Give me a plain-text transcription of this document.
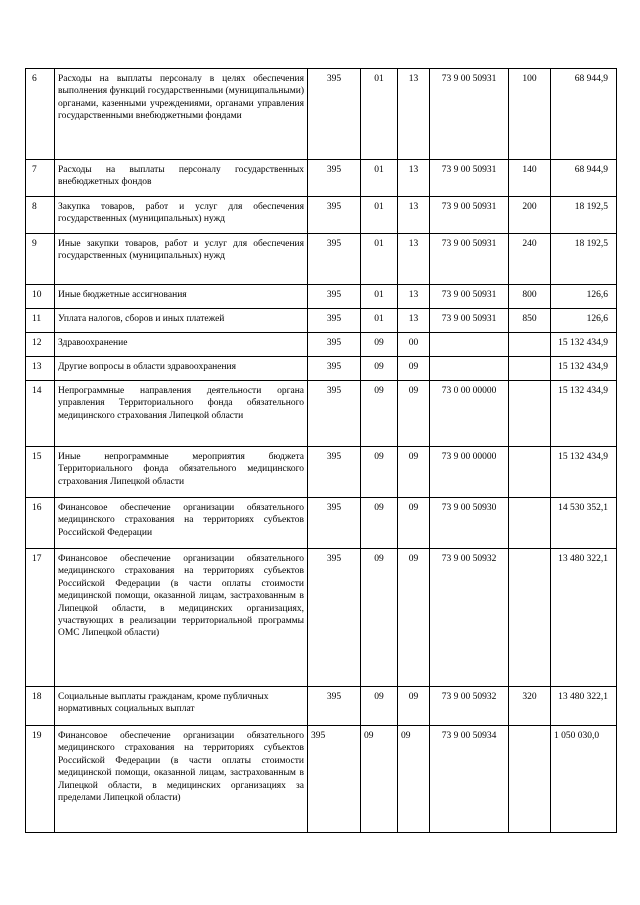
6	Расходы на выплаты персоналу в целях обеспечения выполнения функций государственными (муниципальными) органами, казенными учреждениями, органами управления государственными внебюджетными фондами	395	01	13	73 9 00 50931	100	68 944,9
7	Расходы на выплаты персоналу государственных внебюджетных фондов	395	01	13	73 9 00 50931	140	68 944,9
8	Закупка товаров, работ и услуг для обеспечения государственных (муниципальных) нужд	395	01	13	73 9 00 50931	200	18 192,5
9	Иные закупки товаров, работ и услуг для обеспечения государственных (муниципальных) нужд	395	01	13	73 9 00 50931	240	18 192,5
10	Иные бюджетные ассигнования	395	01	13	73 9 00 50931	800	126,6
11	Уплата налогов, сборов и иных платежей	395	01	13	73 9 00 50931	850	126,6
12	Здравоохранение	395	09	00			15 132 434,9
13	Другие вопросы в области здравоохранения	395	09	09			15 132 434,9
14	Непрограммные направления деятельности органа управления Территориального фонда обязательного медицинского страхования Липецкой области	395	09	09	73 0 00 00000		15 132 434,9
15	Иные непрограммные мероприятия бюджета Территориального фонда обязательного медицинского страхования Липецкой области	395	09	09	73 9 00 00000		15 132 434,9
16	Финансовое обеспечение организации обязательного медицинского страхования на территориях субъектов Российской Федерации	395	09	09	73 9 00 50930		14 530 352,1
17	Финансовое обеспечение организации обязательного медицинского страхования на территориях субъектов Российской Федерации (в части оплаты стоимости медицинской помощи, оказанной лицам, застрахованным в Липецкой области, в медицинских организациях, участвующих в реализации территориальной программы ОМС Липецкой области)	395	09	09	73 9 00 50932		13 480 322,1
18	Социальные выплаты гражданам, кроме публичных нормативных социальных выплат	395	09	09	73 9 00 50932	320	13 480 322,1
19	Финансовое обеспечение организации обязательного медицинского страхования на территориях субъектов Российской Федерации (в части оплаты стоимости медицинской помощи, оказанной лицам, застрахованным в Липецкой области, в медицинских организациях за пределами Липецкой области)	395	09	09	73 9 00 50934		1 050 030,0
